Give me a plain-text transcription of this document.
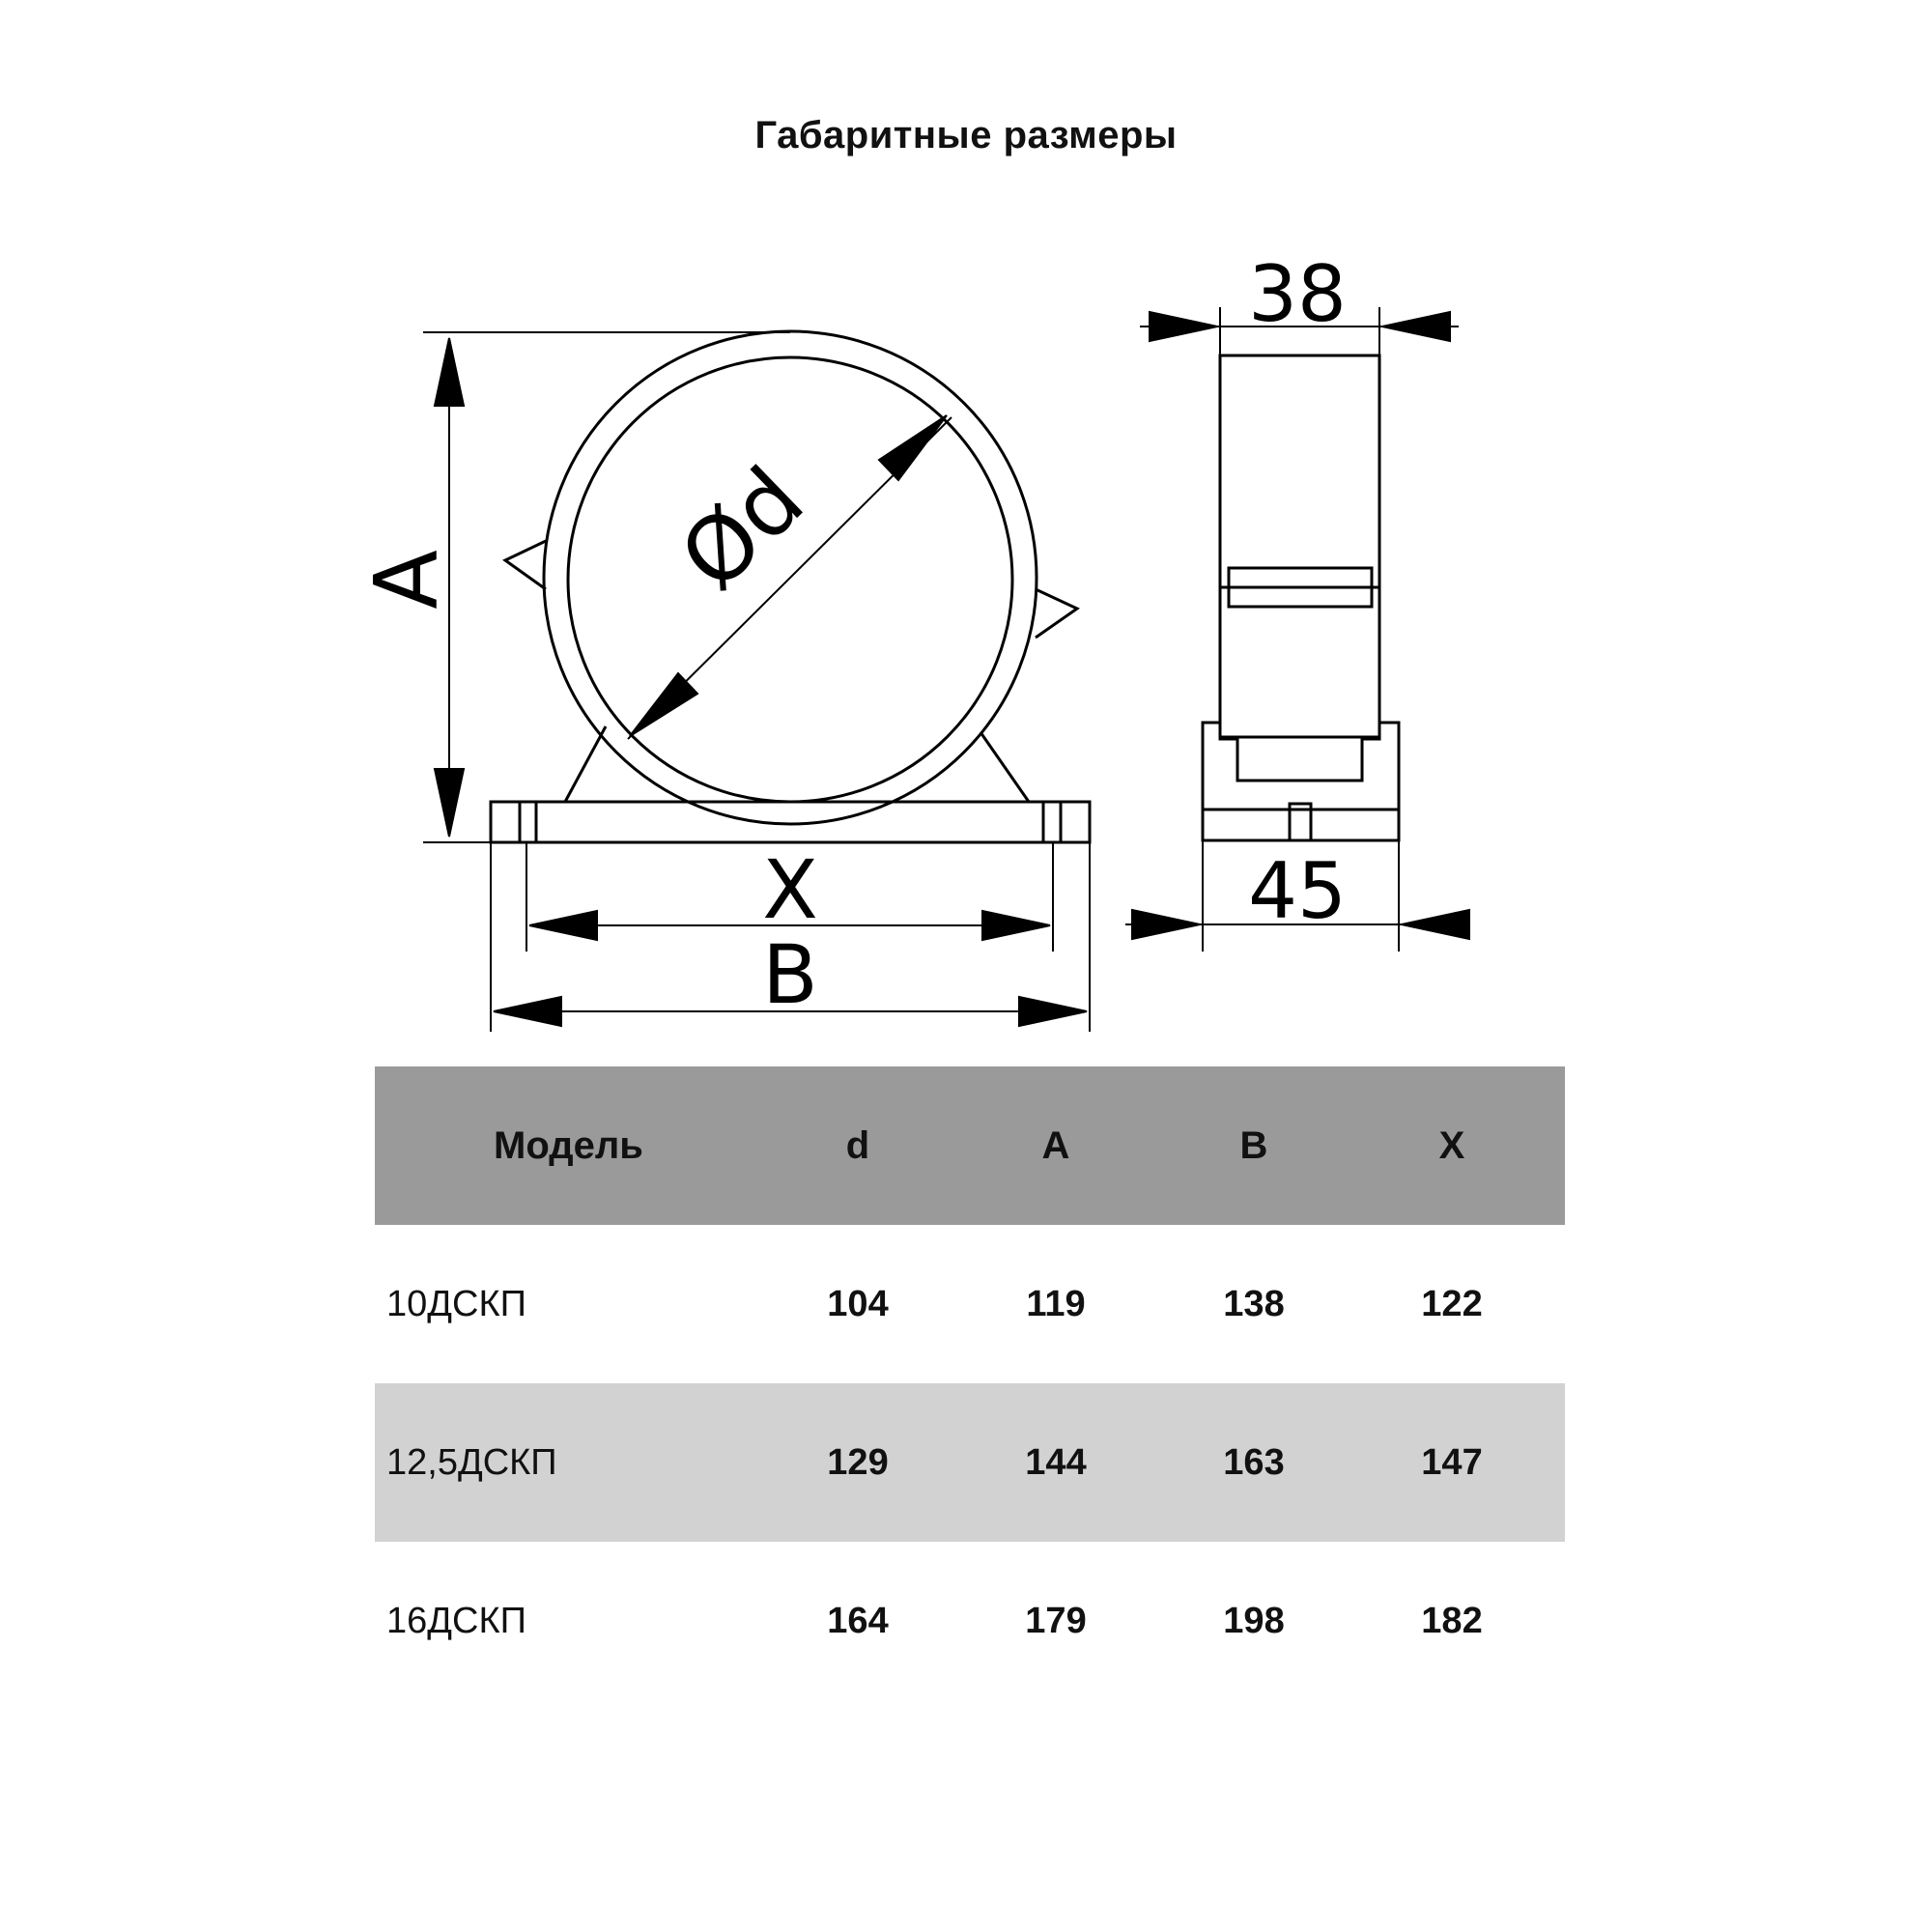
Габаритные размеры
A Ød
X
B
38
45
Модель	d	A	B	X
10ДСКП	104	119	138	122
12,5ДСКП	129	144	163	147
16ДСКП	164	179	198	182
